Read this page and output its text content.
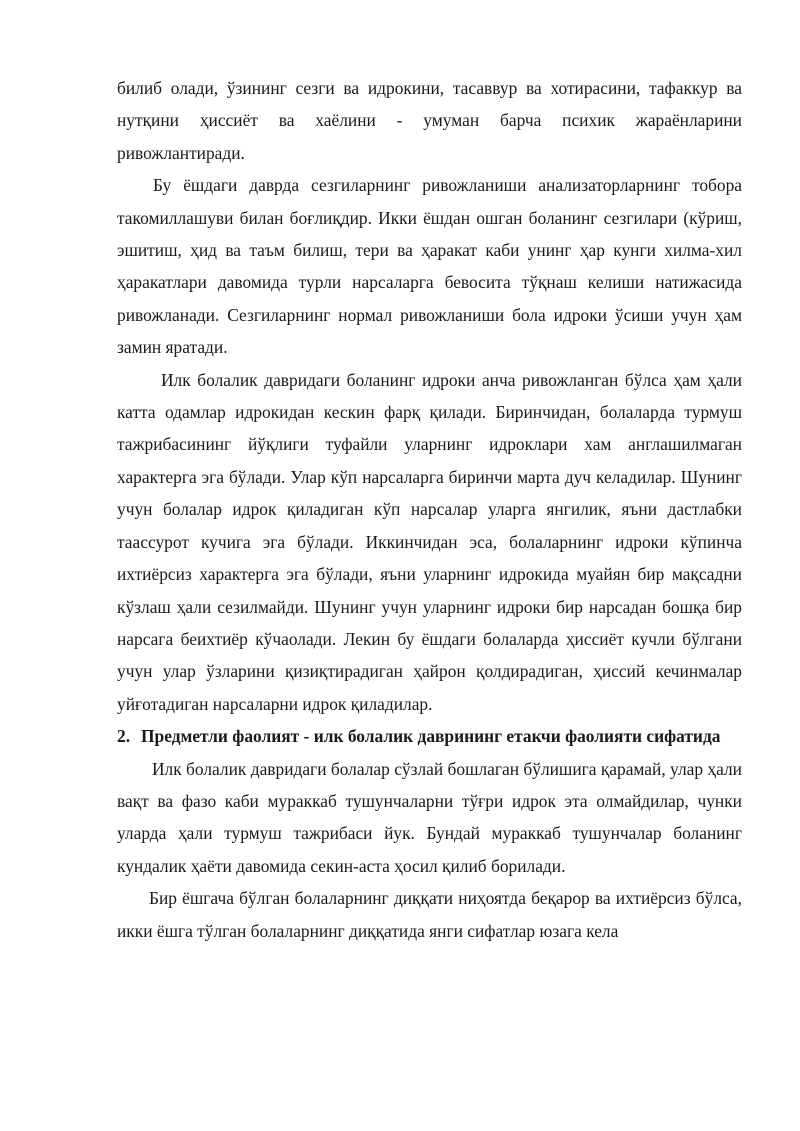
билиб олади, ўзининг сезги ва идрокини, тасаввур ва хотирасини, тафаккур ва нутқини ҳиссиёт ва хаёлини - умуман барча психик жараёнларини ривожлантиради.

Бу ёшдаги даврда сезгиларнинг ривожланиши анализаторларнинг тобора такомиллашуви билан боғлиқдир. Икки ёшдан ошган боланинг сезгилари (кўриш, эшитиш, ҳид ва таъм билиш, тери ва ҳаракат каби унинг ҳар кунги хилма-хил ҳаракатлари давомида турли нарсаларга бевосита тўқнаш келиши натижасида ривожланади. Сезгиларнинг нормал ривожланиши бола идроки ўсиши учун ҳам замин яратади.

Илк болалик давридаги боланинг идроки анча ривожланган бўлса ҳам ҳали катта одамлар идрокидан кескин фарқ қилади. Биринчидан, болаларда турмуш тажрибасининг йўқлиги туфайли уларнинг идроклари хам англашилмаган характерга эга бўлади. Улар кўп нарсаларга биринчи марта дуч келадилар. Шунинг учун болалар идрок қиладиган кўп нарсалар уларга янгилик, яъни дастлабки таассурот кучига эга бўлади. Иккинчидан эса, болаларнинг идроки кўпинча ихтиёрсиз характерга эга бўлади, яъни уларнинг идрокида муайян бир мақсадни кўзлаш ҳали сезилмайди. Шунинг учун уларнинг идроки бир нарсадан бошқа бир нарсага беихтиёр кўчаолади. Лекин бу ёшдаги болаларда ҳиссиёт кучли бўлгани учун улар ўзларини қизиқтирадиган ҳайрон қолдирадиган, ҳиссий кечинмалар уйғотадиган нарсаларни идрок қиладилар.

2. Предметли фаолият - илк болалик даврининг етакчи фаолияти сифатида

Илк болалик давридаги болалар сўзлай бошлаган бўлишига қарамай, улар ҳали вақт ва фазо каби мураккаб тушунчаларни тўғри идрок эта олмайдилар, чунки уларда ҳали турмуш тажрибаси йук. Бундай мураккаб тушунчалар боланинг кундалик ҳаёти давомида секин-аста ҳосил қилиб борилади.

Бир ёшгача бўлган болаларнинг диққати ниҳоятда беқарор ва ихтиёрсиз бўлса, икки ёшга тўлган болаларнинг диққатида янги сифатлар юзага кела
